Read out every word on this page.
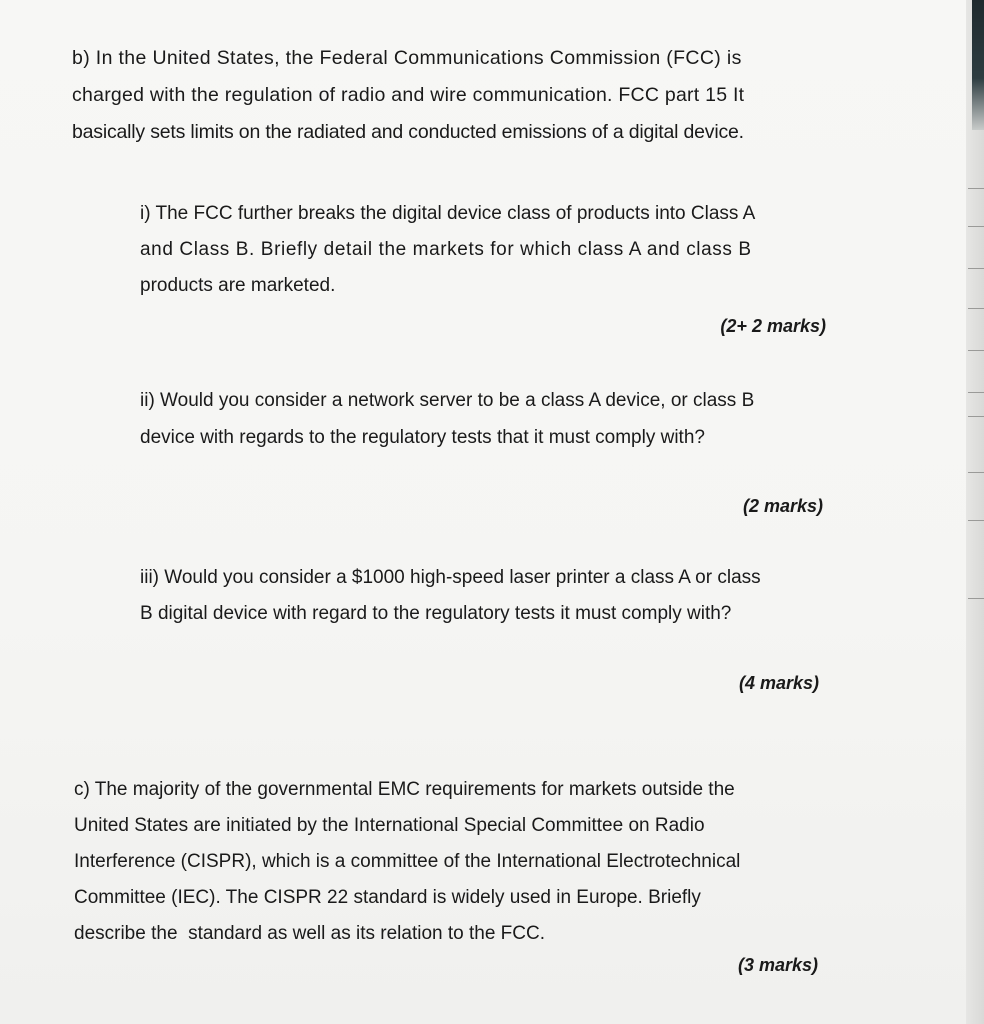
b) In the United States, the Federal Communications Commission (FCC) is
charged with the regulation of radio and wire communication. FCC part 15 It
basically sets limits on the radiated and conducted emissions of a digital device.
i) The FCC further breaks the digital device class of products into Class A
and Class B. Briefly detail the markets for which class A and class B
products are marketed.
(2+ 2 marks)
ii) Would you consider a network server to be a class A device, or class B
device with regards to the regulatory tests that it must comply with?
(2 marks)
iii) Would you consider a $1000 high-speed laser printer a class A or class
B digital device with regard to the regulatory tests it must comply with?
(4 marks)
c) The majority of the governmental EMC requirements for markets outside the
United States are initiated by the International Special Committee on Radio
Interference (CISPR), which is a committee of the International Electrotechnical
Committee (IEC). The CISPR 22 standard is widely used in Europe. Briefly
describe the  standard as well as its relation to the FCC.
(3 marks)
